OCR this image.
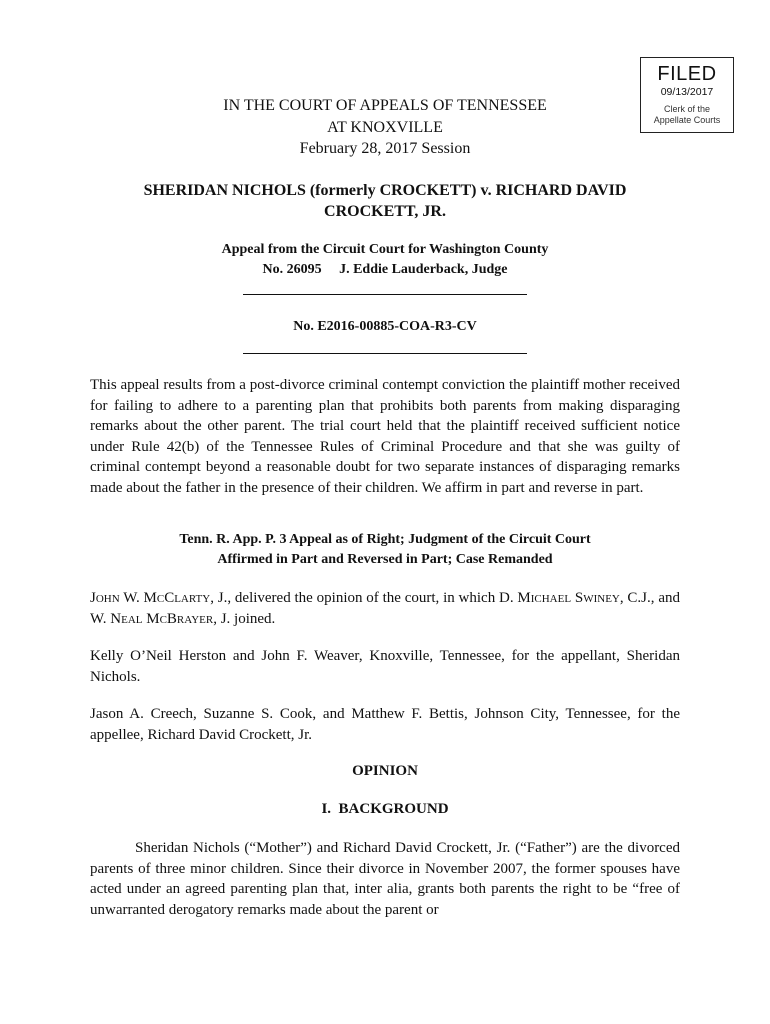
FILED
09/13/2017
Clerk of the
Appellate Courts
IN THE COURT OF APPEALS OF TENNESSEE
AT KNOXVILLE
February 28, 2017 Session
SHERIDAN NICHOLS (formerly CROCKETT) v. RICHARD DAVID
CROCKETT, JR.
Appeal from the Circuit Court for Washington County
No. 26095     J. Eddie Lauderback, Judge
No. E2016-00885-COA-R3-CV
This appeal results from a post-divorce criminal contempt conviction the plaintiff mother received for failing to adhere to a parenting plan that prohibits both parents from making disparaging remarks about the other parent. The trial court held that the plaintiff received sufficient notice under Rule 42(b) of the Tennessee Rules of Criminal Procedure and that she was guilty of criminal contempt beyond a reasonable doubt for two separate instances of disparaging remarks made about the father in the presence of their children. We affirm in part and reverse in part.
Tenn. R. App. P. 3 Appeal as of Right; Judgment of the Circuit Court
Affirmed in Part and Reversed in Part; Case Remanded
John W. McClarty, J., delivered the opinion of the court, in which D. Michael Swiney, C.J., and W. Neal McBrayer, J. joined.
Kelly O’Neil Herston and John F. Weaver, Knoxville, Tennessee, for the appellant, Sheridan Nichols.
Jason A. Creech, Suzanne S. Cook, and Matthew F. Bettis, Johnson City, Tennessee, for the appellee, Richard David Crockett, Jr.
OPINION
I.  BACKGROUND
Sheridan Nichols (“Mother”) and Richard David Crockett, Jr. (“Father”) are the divorced parents of three minor children. Since their divorce in November 2007, the former spouses have acted under an agreed parenting plan that, inter alia, grants both parents the right to be “free of unwarranted derogatory remarks made about the parent or
